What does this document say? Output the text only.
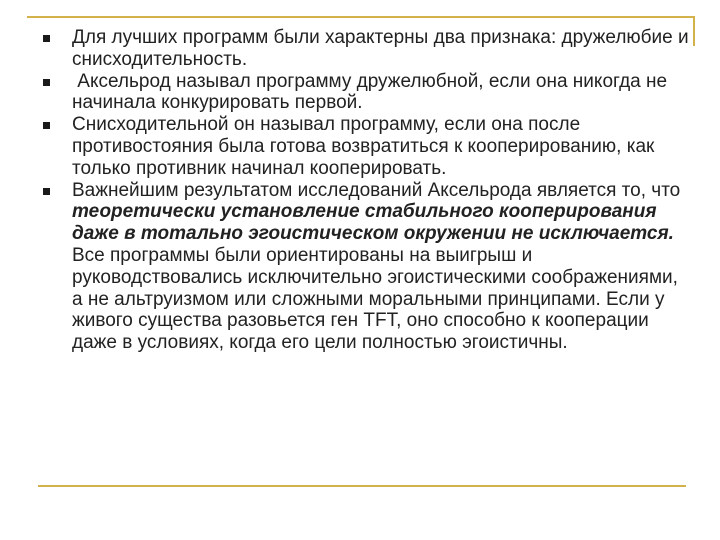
Для лучших программ были характерны два признака: дружелюбие и снисходительность.
Аксельрод называл программу дружелюбной, если она никогда не начинала конкурировать первой.
Снисходительной он называл программу, если она после противостояния была готова возвратиться к кооперированию, как только противник начинал кооперировать.
Важнейшим результатом исследований Аксельрода является то, что теоретически установление стабильного кооперирования даже в тотально эгоистическом окружении не исключается. Все программы были ориентированы на выигрыш и руководствовались исключительно эгоистическими соображениями, а не альтруизмом или сложными моральными принципами. Если у живого существа разовьется ген TFT, оно способно к кооперации даже в условиях, когда его цели полностью эгоистичны.
